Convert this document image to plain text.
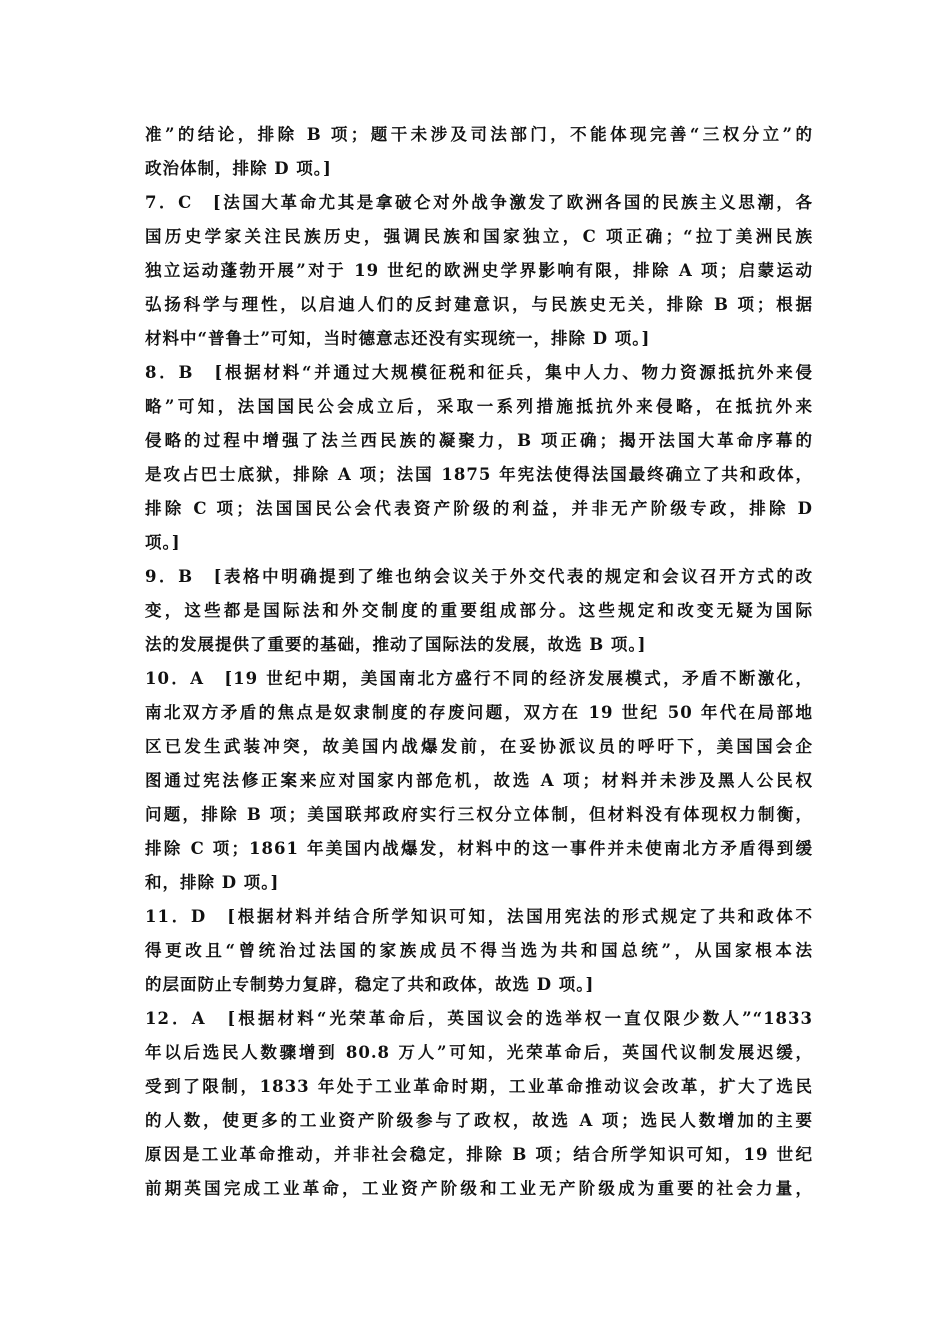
准”的结论，排除 B 项；题干未涉及司法部门，不能体现完善“三权分立”的
政治体制，排除 D 项。]
7．C　[法国大革命尤其是拿破仑对外战争激发了欧洲各国的民族主义思潮，各
国历史学家关注民族历史，强调民族和国家独立，C 项正确；“拉丁美洲民族
独立运动蓬勃开展”对于 19 世纪的欧洲史学界影响有限，排除 A 项；启蒙运动
弘扬科学与理性，以启迪人们的反封建意识，与民族史无关，排除 B 项；根据
材料中“普鲁士”可知，当时德意志还没有实现统一，排除 D 项。]
8．B　[根据材料“并通过大规模征税和征兵，集中人力、物力资源抵抗外来侵
略”可知，法国国民公会成立后，采取一系列措施抵抗外来侵略，在抵抗外来
侵略的过程中增强了法兰西民族的凝聚力，B 项正确；揭开法国大革命序幕的
是攻占巴士底狱，排除 A 项；法国 1875 年宪法使得法国最终确立了共和政体，
排除 C 项；法国国民公会代表资产阶级的利益，并非无产阶级专政，排除 D
项。]
9．B　[表格中明确提到了维也纳会议关于外交代表的规定和会议召开方式的改
变，这些都是国际法和外交制度的重要组成部分。这些规定和改变无疑为国际
法的发展提供了重要的基础，推动了国际法的发展，故选 B 项。]
10．A　[19 世纪中期，美国南北方盛行不同的经济发展模式，矛盾不断激化，
南北双方矛盾的焦点是奴隶制度的存废问题，双方在 19 世纪 50 年代在局部地
区已发生武装冲突，故美国内战爆发前，在妥协派议员的呼吁下，美国国会企
图通过宪法修正案来应对国家内部危机，故选 A 项；材料并未涉及黑人公民权
问题，排除 B 项；美国联邦政府实行三权分立体制，但材料没有体现权力制衡，
排除 C 项；1861 年美国内战爆发，材料中的这一事件并未使南北方矛盾得到缓
和，排除 D 项。]
11．D　[根据材料并结合所学知识可知，法国用宪法的形式规定了共和政体不
得更改且“曾统治过法国的家族成员不得当选为共和国总统”，从国家根本法
的层面防止专制势力复辟，稳定了共和政体，故选 D 项。]
12．A　[根据材料“光荣革命后，英国议会的选举权一直仅限少数人”“1833
年以后选民人数骤增到 80.8 万人”可知，光荣革命后，英国代议制发展迟缓，
受到了限制，1833 年处于工业革命时期，工业革命推动议会改革，扩大了选民
的人数，使更多的工业资产阶级参与了政权，故选 A 项；选民人数增加的主要
原因是工业革命推动，并非社会稳定，排除 B 项；结合所学知识可知，19 世纪
前期英国完成工业革命，工业资产阶级和工业无产阶级成为重要的社会力量，
